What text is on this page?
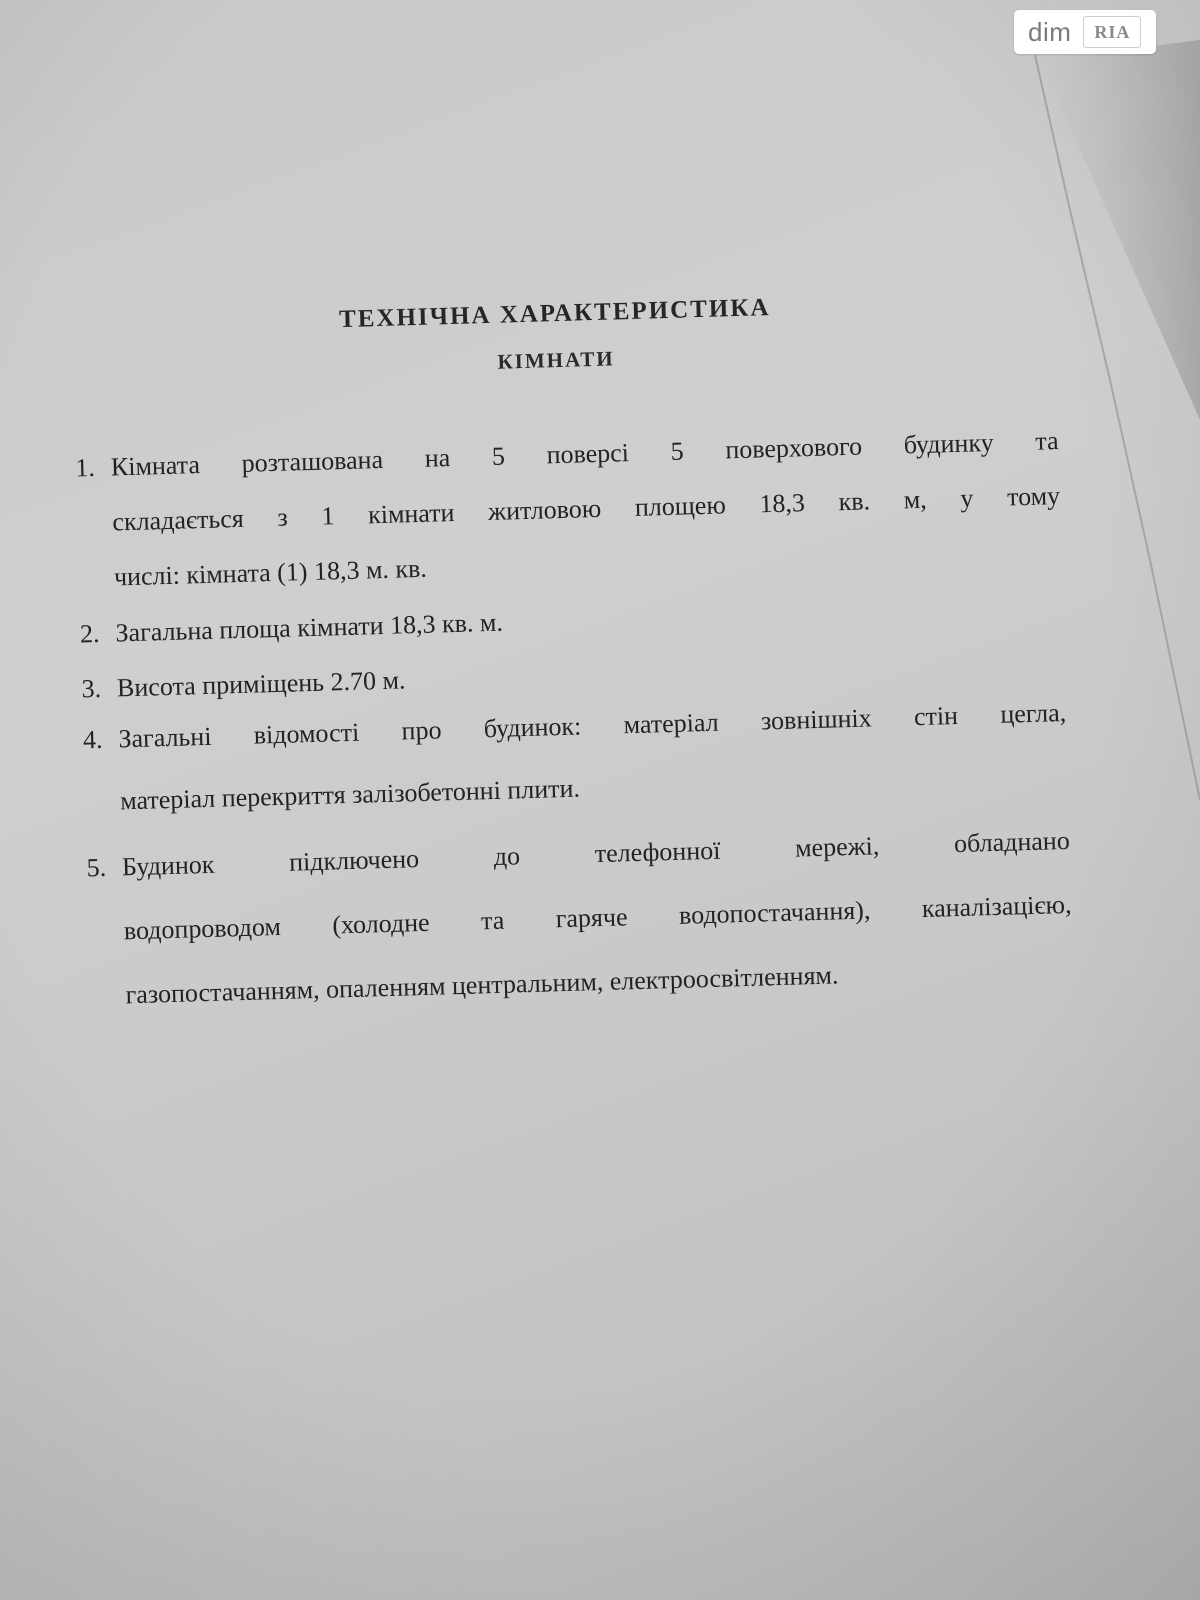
dim	RIA
ТЕХНІЧНА ХАРАКТЕРИСТИКА
КІМНАТИ
1. Кімната розташована на 5 поверсі 5 поверхового будинку та
складається з 1 кімнати житловою площею 18,3 кв. м, у тому
числі: кімната (1) 18,3 м. кв.
2. Загальна площа кімнати 18,3 кв. м.
3. Висота приміщень 2.70 м.
4. Загальні відомості про будинок: матеріал зовнішніх стін цегла,
матеріал перекриття залізобетонні плити.
5. Будинок підключено до телефонної мережі, обладнано
водопроводом (холодне та гаряче водопостачання), каналізацією,
газопостачанням, опаленням центральним, електроосвітленням.
